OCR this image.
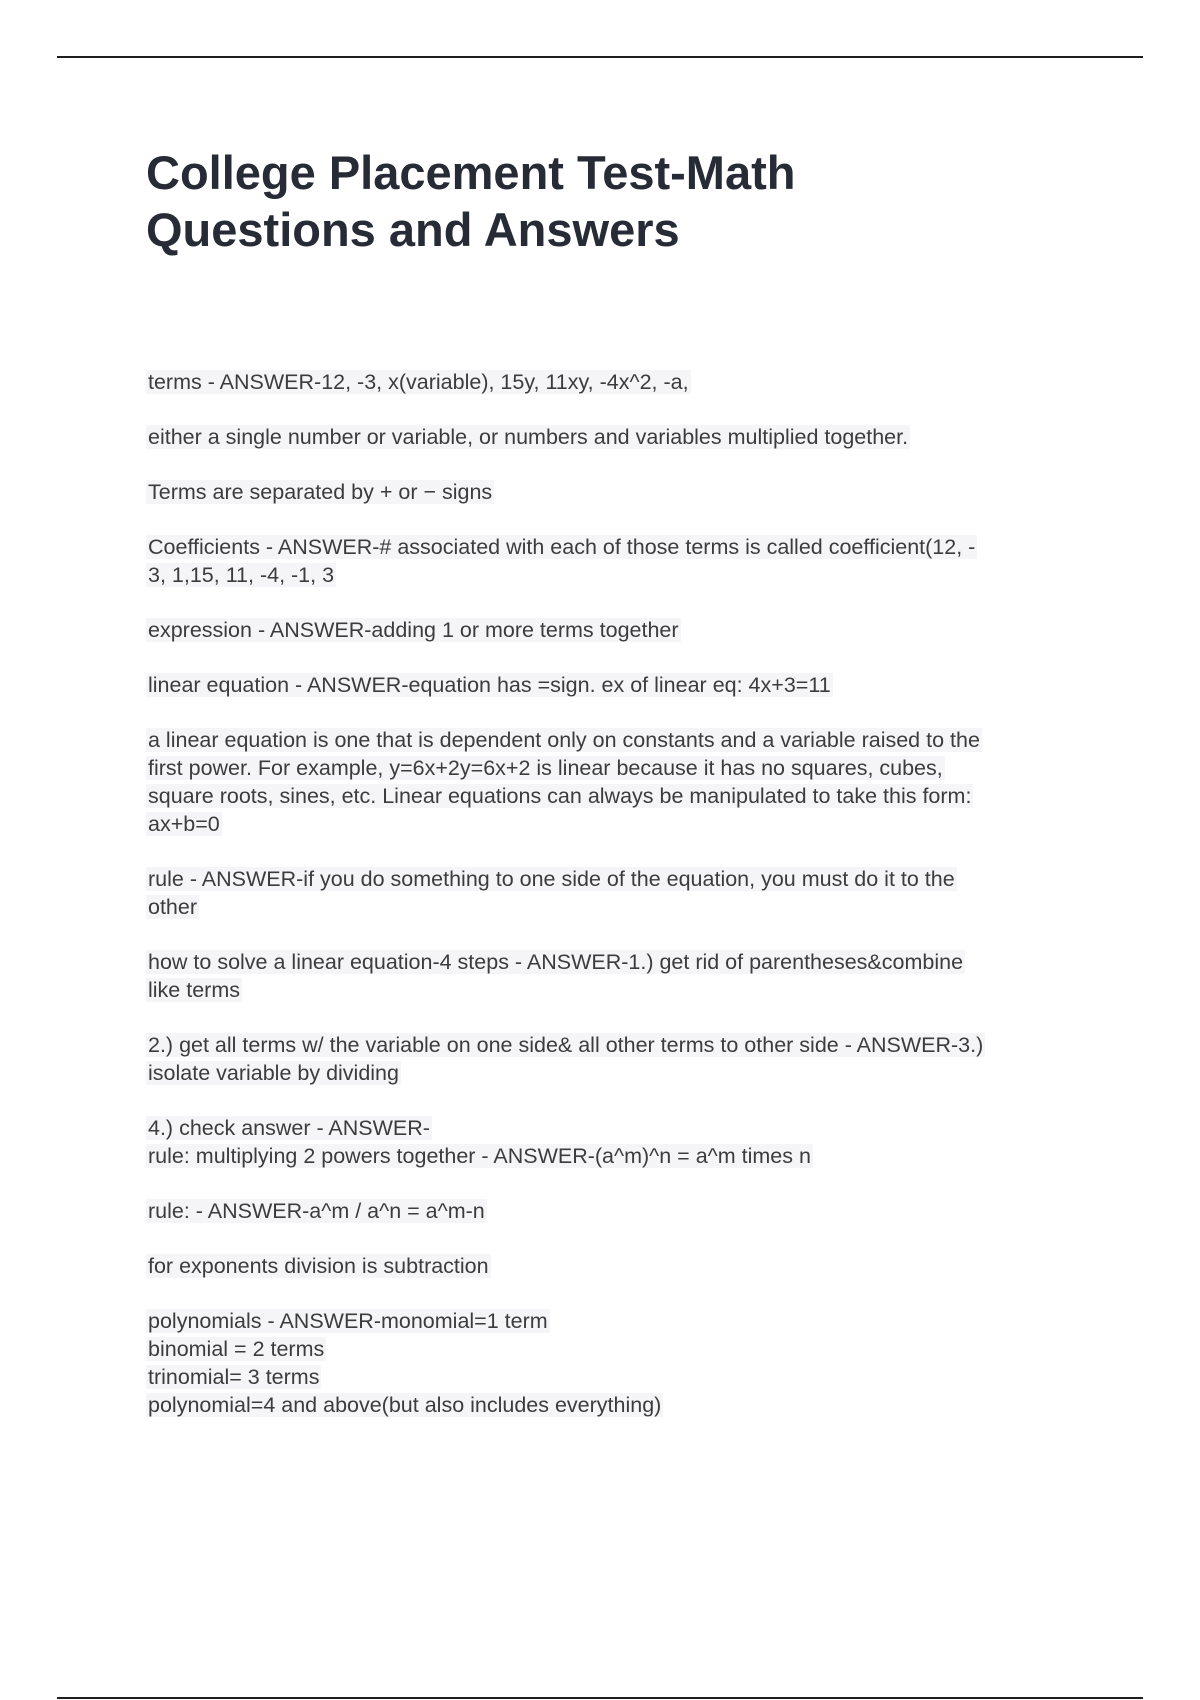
College Placement Test-Math
Questions and Answers
terms - ANSWER-12, -3, x(variable), 15y, 11xy, -4x^2, -a,
either a single number or variable, or numbers and variables multiplied together.
Terms are separated by + or − signs
Coefficients - ANSWER-# associated with each of those terms is called coefficient(12, -
3, 1,15, 11, -4, -1, 3
expression - ANSWER-adding 1 or more terms together
linear equation - ANSWER-equation has =sign. ex of linear eq: 4x+3=11
a linear equation is one that is dependent only on constants and a variable raised to the
first power. For example, y=6x+2y=6x+2 is linear because it has no squares, cubes,
square roots, sines, etc. Linear equations can always be manipulated to take this form:
ax+b=0
rule - ANSWER-if you do something to one side of the equation, you must do it to the
other
how to solve a linear equation-4 steps - ANSWER-1.) get rid of parentheses&combine
like terms
2.) get all terms w/ the variable on one side& all other terms to other side - ANSWER-3.)
isolate variable by dividing
4.) check answer - ANSWER-
rule: multiplying 2 powers together - ANSWER-(a^m)^n = a^m times n
rule: - ANSWER-a^m / a^n = a^m-n
for exponents division is subtraction
polynomials - ANSWER-monomial=1 term
binomial = 2 terms
trinomial= 3 terms
polynomial=4 and above(but also includes everything)
